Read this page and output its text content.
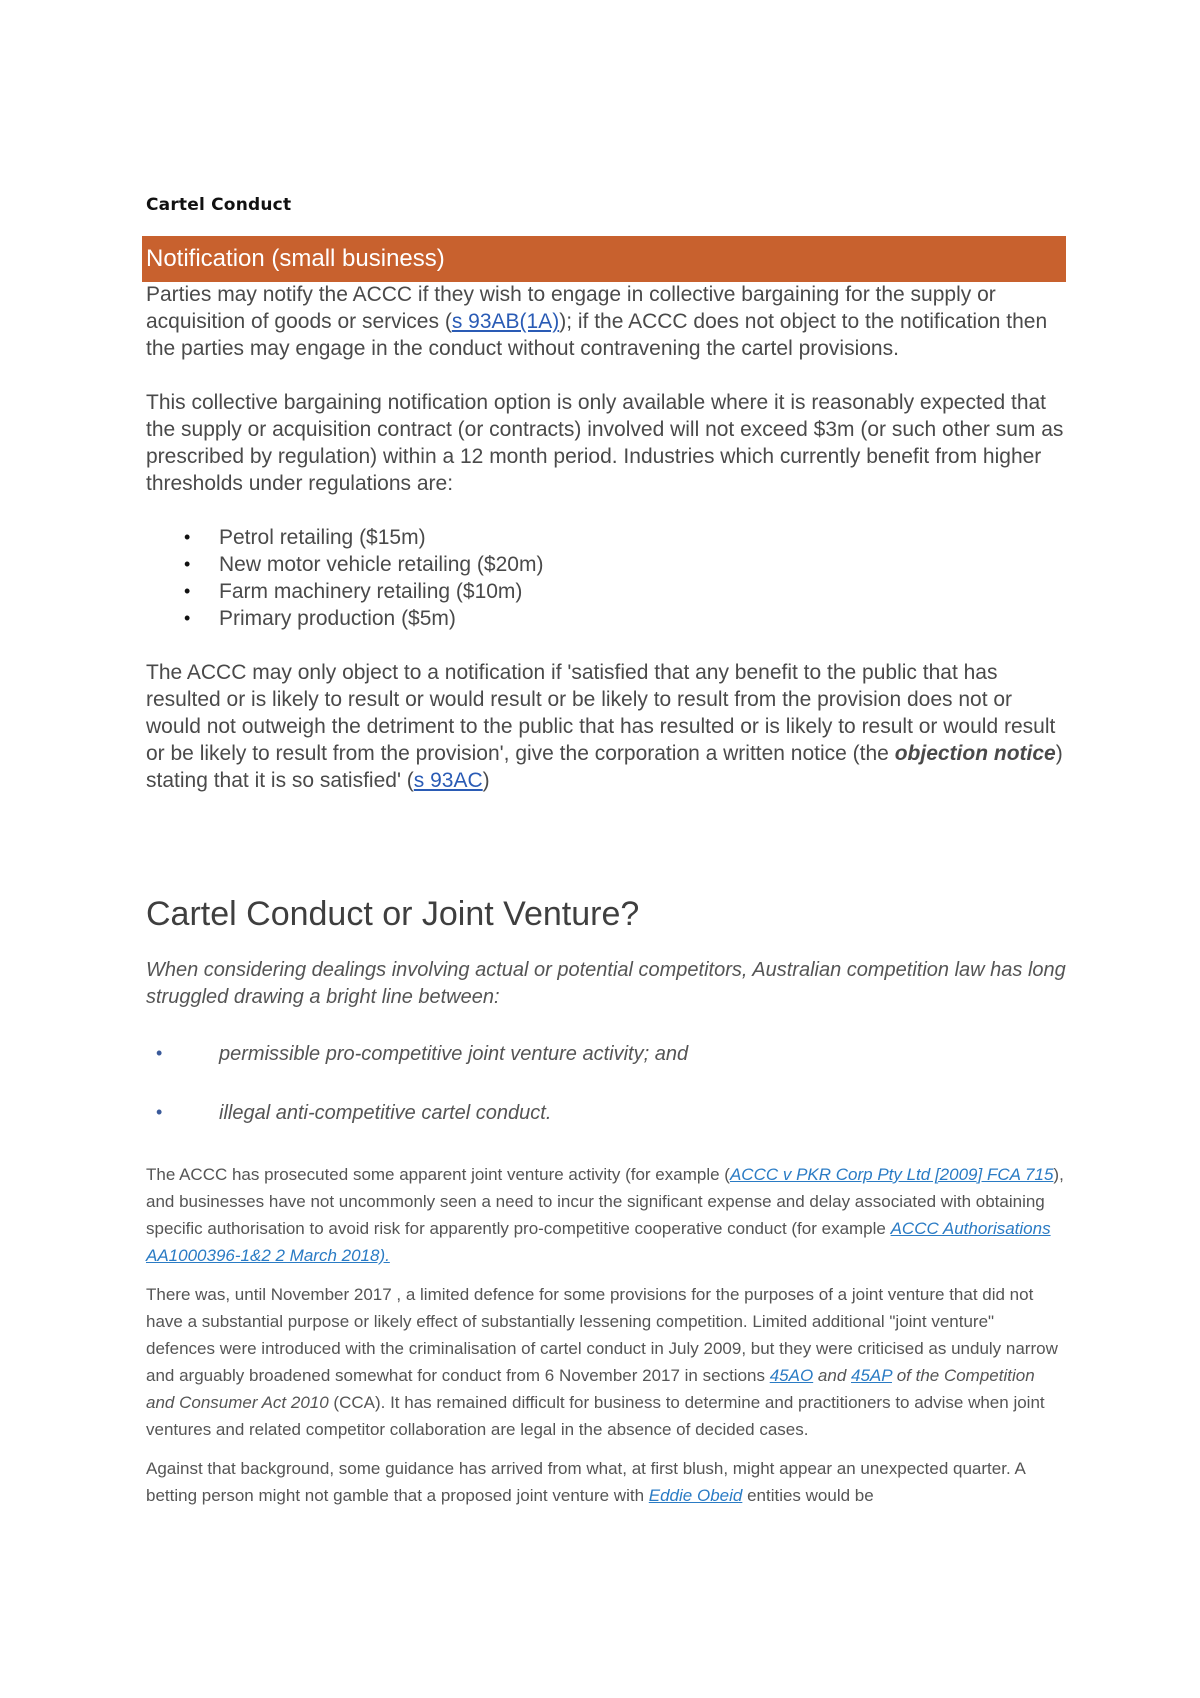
Cartel Conduct
Notification (small business)

Parties may notify the ACCC if they wish to engage in collective bargaining for the supply or acquisition of goods or services (s 93AB(1A)); if the ACCC does not object to the notification then the parties may engage in the conduct without contravening the cartel provisions.

This collective bargaining notification option is only available where it is reasonably expected that the supply or acquisition contract (or contracts) involved will not exceed $3m (or such other sum as prescribed by regulation) within a 12 month period. Industries which currently benefit from higher thresholds under regulations are:

• Petrol retailing ($15m)
• New motor vehicle retailing ($20m)
• Farm machinery retailing ($10m)
• Primary production ($5m)

The ACCC may only object to a notification if 'satisfied that any benefit to the public that has resulted or is likely to result or would result or be likely to result from the provision does not or would not outweigh the detriment to the public that has resulted or is likely to result or would result or be likely to result from the provision', give the corporation a written notice (the objection notice) stating that it is so satisfied' (s 93AC)

Cartel Conduct or Joint Venture?
When considering dealings involving actual or potential competitors, Australian competition law has long struggled drawing a bright line between:
•	permissible pro-competitive joint venture activity; and
•	illegal anti-competitive cartel conduct.

The ACCC has prosecuted some apparent joint venture activity (for example (ACCC v PKR Corp Pty Ltd [2009] FCA 715), and businesses have not uncommonly seen a need to incur the significant expense and delay associated with obtaining specific authorisation to avoid risk for apparently pro-competitive cooperative conduct (for example ACCC Authorisations AA1000396-1&2 2 March 2018).

There was, until November 2017 , a limited defence for some provisions for the purposes of a joint venture that did not have a substantial purpose or likely effect of substantially lessening competition. Limited additional "joint venture" defences were introduced with the criminalisation of cartel conduct in July 2009, but they were criticised as unduly narrow and arguably broadened somewhat for conduct from 6 November 2017 in sections 45AO and 45AP of the Competition and Consumer Act 2010 (CCA). It has remained difficult for business to determine and practitioners to advise when joint ventures and related competitor collaboration are legal in the absence of decided cases.

Against that background, some guidance has arrived from what, at first blush, might appear an unexpected quarter. A betting person might not gamble that a proposed joint venture with Eddie Obeid entities would be
